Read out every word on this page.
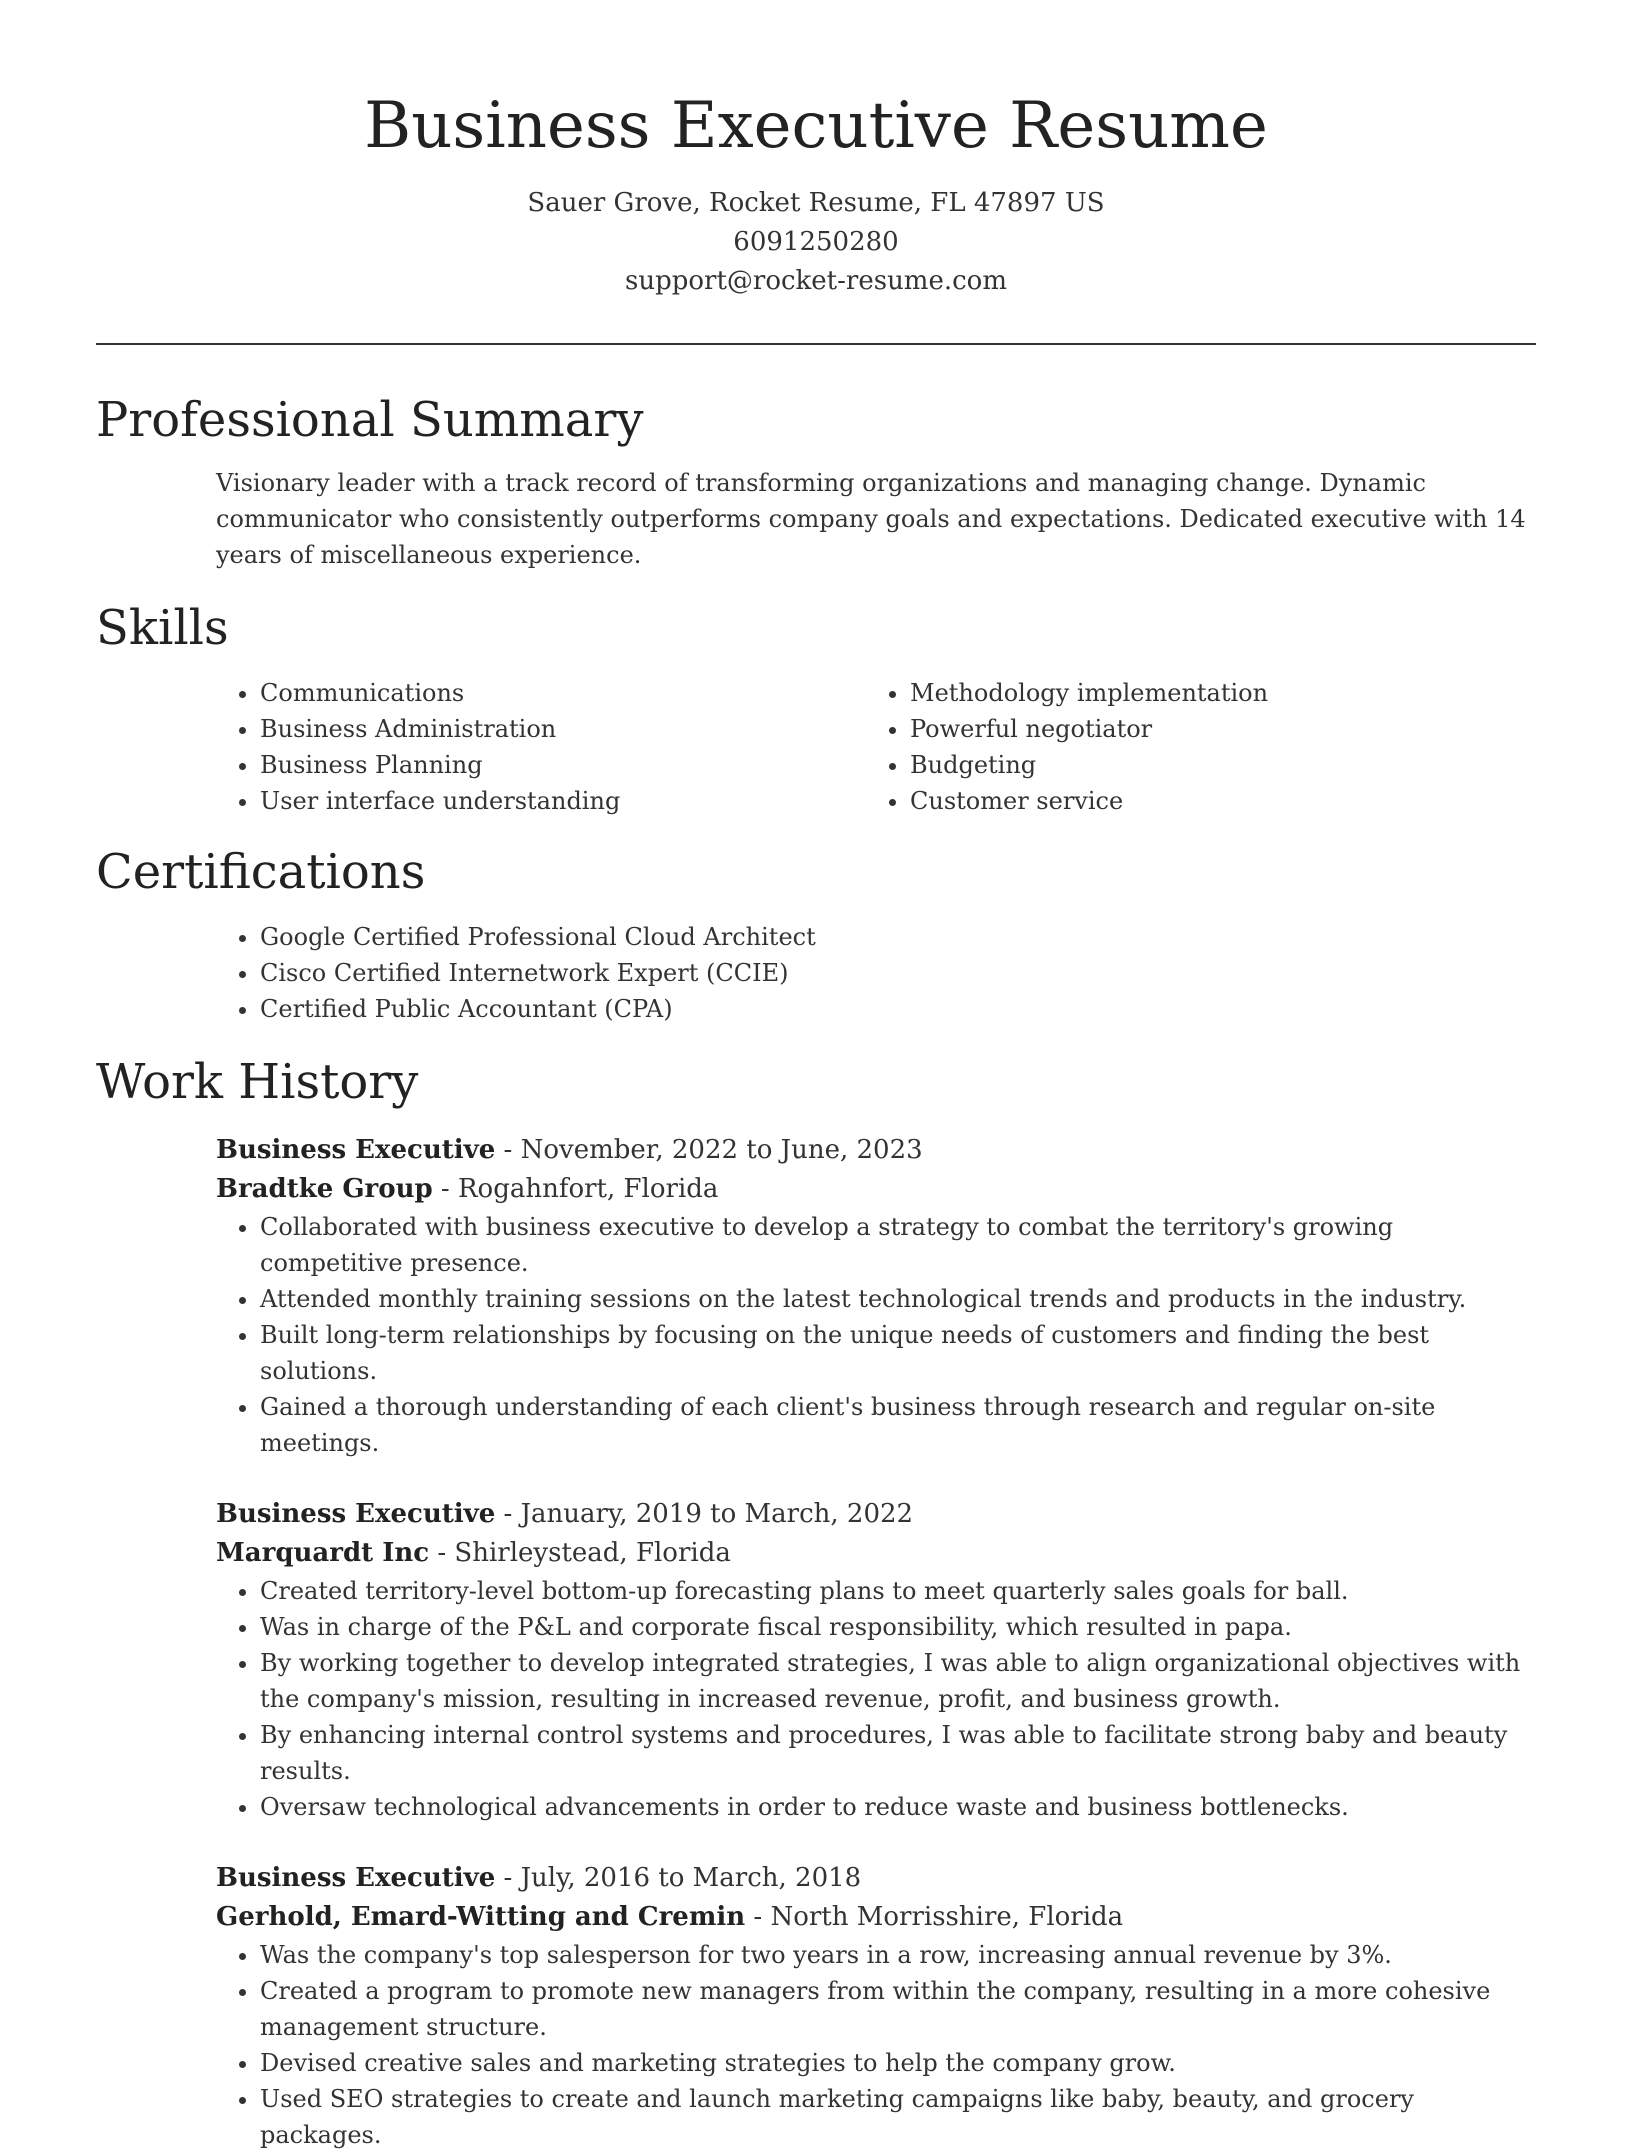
Business Executive Resume
Sauer Grove, Rocket Resume, FL 47897 US
6091250280
support@rocket-resume.com
Professional Summary

Visionary leader with a track record of transforming organizations and managing change. Dynamic communicator who consistently outperforms company goals and expectations. Dedicated executive with 14 years of miscellaneous experience.

Skills
• Communications
• Business Administration
• Business Planning
• User interface understanding
• Methodology implementation
• Powerful negotiator
• Budgeting
• Customer service
Certifications
• Google Certified Professional Cloud Architect
• Cisco Certified Internetwork Expert (CCIE)
• Certified Public Accountant (CPA)
Work History
Business Executive - November, 2022 to June, 2023
Bradtke Group - Rogahnfort, Florida
• Collaborated with business executive to develop a strategy to combat the territory's growing competitive presence.
• Attended monthly training sessions on the latest technological trends and products in the industry.
• Built long-term relationships by focusing on the unique needs of customers and finding the best solutions.
• Gained a thorough understanding of each client's business through research and regular on-site meetings.
Business Executive - January, 2019 to March, 2022
Marquardt Inc - Shirleystead, Florida
• Created territory-level bottom-up forecasting plans to meet quarterly sales goals for ball.
• Was in charge of the P&L and corporate fiscal responsibility, which resulted in papa.
• By working together to develop integrated strategies, I was able to align organizational objectives with the company's mission, resulting in increased revenue, profit, and business growth.
• By enhancing internal control systems and procedures, I was able to facilitate strong baby and beauty results.
• Oversaw technological advancements in order to reduce waste and business bottlenecks.
Business Executive - July, 2016 to March, 2018
Gerhold, Emard-Witting and Cremin - North Morrisshire, Florida
• Was the company's top salesperson for two years in a row, increasing annual revenue by 3%.
• Created a program to promote new managers from within the company, resulting in a more cohesive management structure.
• Devised creative sales and marketing strategies to help the company grow.
• Used SEO strategies to create and launch marketing campaigns like baby, beauty, and grocery packages.
